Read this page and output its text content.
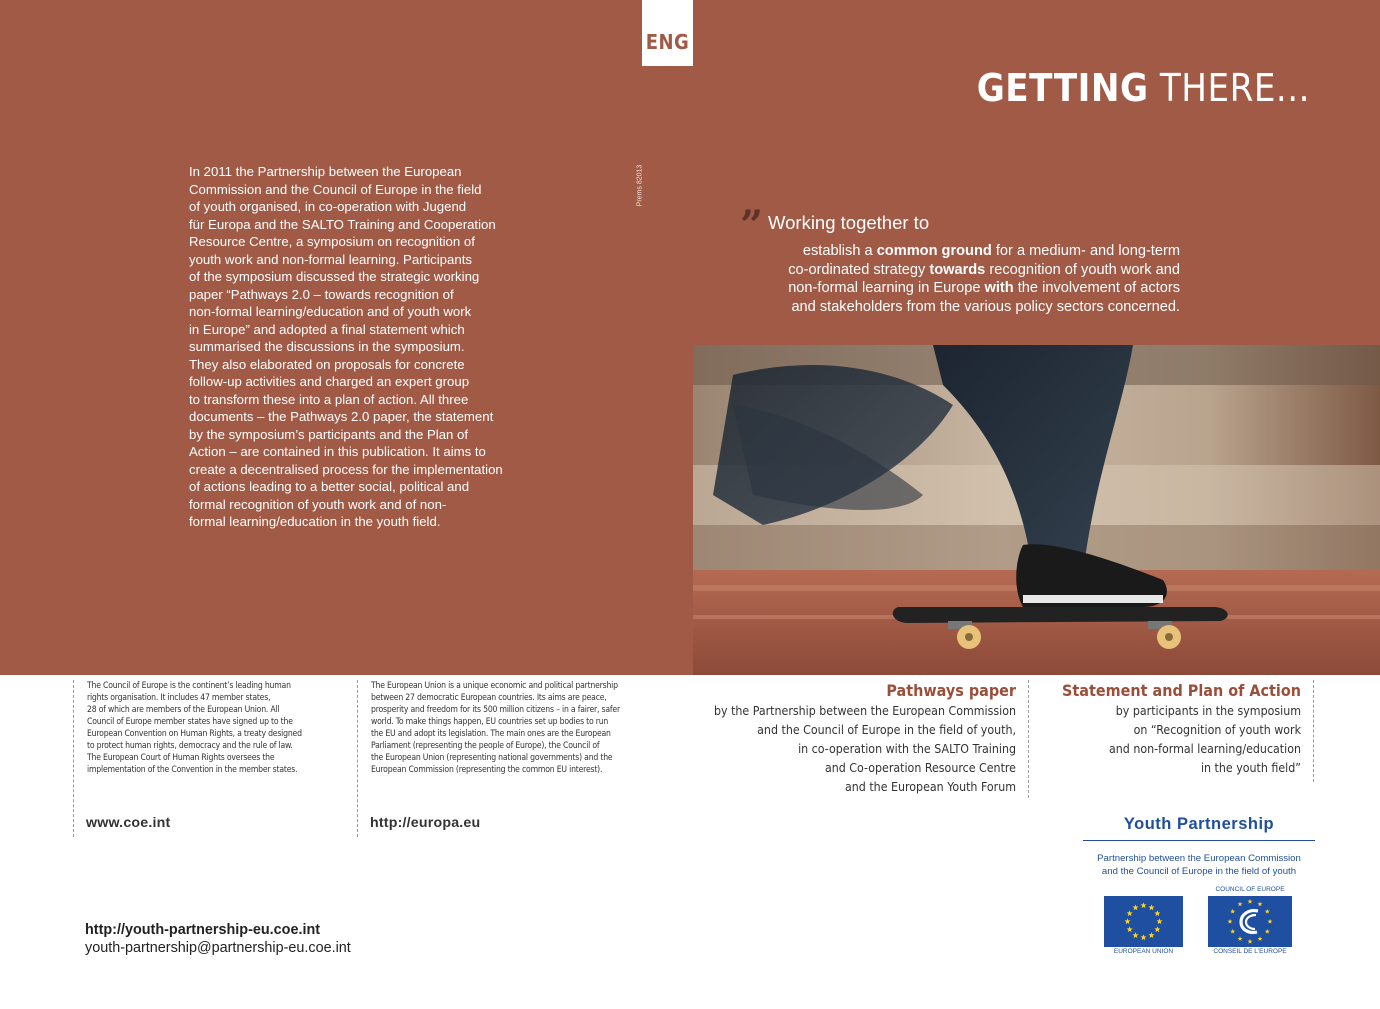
ENG
GETTING THERE...
In 2011 the Partnership between the European
Commission and the Council of Europe in the field
of youth organised, in co-operation with Jugend
für Europa and the SALTO Training and Cooperation
Resource Centre, a symposium on recognition of
youth work and non-formal learning. Participants
of the symposium discussed the strategic working
paper “Pathways 2.0 – towards recognition of
non-formal learning/education and of youth work
in Europe” and adopted a final statement which
summarised the discussions in the symposium.
They also elaborated on proposals for concrete
follow-up activities and charged an expert group
to transform these into a plan of action. All three
documents – the Pathways 2.0 paper, the statement
by the symposium’s participants and the Plan of
Action – are contained in this publication. It aims to
create a decentralised process for the implementation
of actions leading to a better social, political and
formal recognition of youth work and of non-
formal learning/education in the youth field.
Prems 82013
” Working together to
establish a common ground for a medium- and long-term
co-ordinated strategy towards recognition of youth work and
non-formal learning in Europe with the involvement of actors
and stakeholders from the various policy sectors concerned.

The Council of Europe is the continent’s leading human

rights organisation. It includes 47 member states,

28 of which are members of the European Union. All

Council of Europe member states have signed up to the

European Convention on Human Rights, a treaty designed

to protect human rights, democracy and the rule of law.

The European Court of Human Rights oversees the

implementation of the Convention in the member states.

www.coe.int

The European Union is a unique economic and political partnership

between 27 democratic European countries. Its aims are peace,

prosperity and freedom for its 500 million citizens – in a fairer, safer

world. To make things happen, EU countries set up bodies to run

the EU and adopt its legislation. The main ones are the European

Parliament (representing the people of Europe), the Council of

the European Union (representing national governments) and the

European Commission (representing the common EU interest).

http://europa.eu
Pathways paper
by the Partnership between the European Commission
and the Council of Europe in the field of youth,
in co-operation with the SALTO Training
and Co-operation Resource Centre
and the European Youth Forum
Statement and Plan of Action
by participants in the symposium
on “Recognition of youth work
and non-formal learning/education
in the youth field”
Youth Partnership
Partnership between the European Commission
and the Council of Europe in the field of youth
EUROPEAN UNION
COUNCIL OF EUROPE
CONSEIL DE L'EUROPE
http://youth-partnership-eu.coe.int
youth-partnership@partnership-eu.coe.int
